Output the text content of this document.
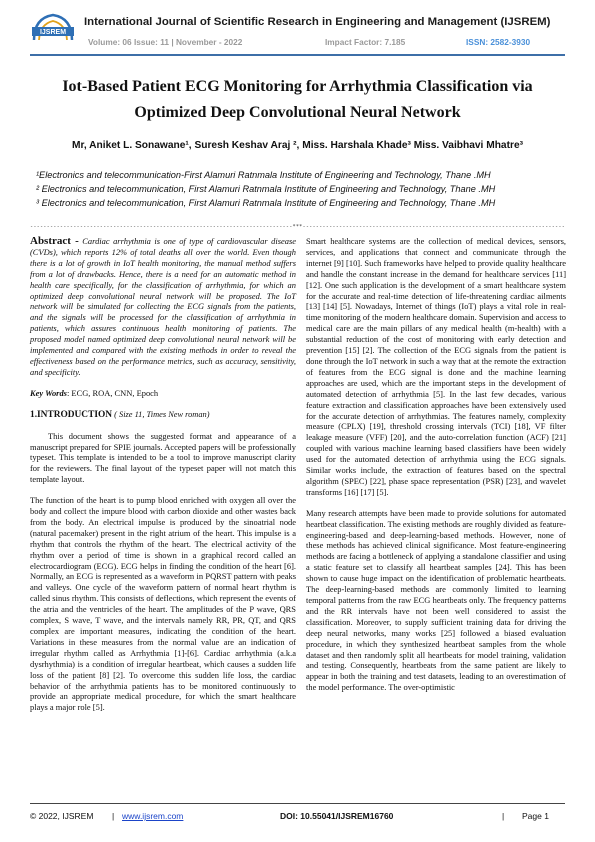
IJSREM
International Journal of Scientific Research in Engineering and Management (IJSREM)
Volume: 06 Issue: 11 | November - 2022	Impact Factor: 7.185	ISSN: 2582-3930
Iot-Based Patient ECG Monitoring for Arrhythmia Classification via
Optimized Deep Convolutional Neural Network
Mr, Aniket L. Sonawane¹, Suresh Keshav Araj ², Miss. Harshala Khade³ Miss. Vaibhavi Mhatre³
¹Electronics and telecommunication-First Alamuri Ratnmala Institute of Engineering and Technology, Thane .MH
² Electronics and telecommunication, First Alamuri Ratnmala Institute of Engineering and Technology, Thane .MH
³ Electronics and telecommunication, First Alamuri Ratnmala Institute of Engineering and Technology, Thane .MH
-------------------------------------------------------------------------------***-------------------------------------------------------------------------------

Abstract - Cardiac arrhythmia is one of type of cardiovascular disease (CVDs), which reports 12% of total deaths all over the world. Even though there is a lot of growth in IoT health monitoring, the manual method suffers from a lot of drawbacks. Hence, there is a need for an automatic method in health care specifically, for the classification of arrhythmia, for which an optimized deep convolutional neural network will be proposed. The IoT network will be simulated for collecting the ECG signals from the patients, and the signals will be processed for the classification of arrhythmia in patients, which assures continuous health monitoring of patients. The proposed model named optimized deep convolutional neural network will be implemented and compared with the existing methods in order to reveal the effectiveness based on the performance metrics, such as accuracy, sensitivity, and specificity.

Key Words: ECG, ROA, CNN, Epoch

1.INTRODUCTION ( Size 11, Times New roman)

This document shows the suggested format and appearance of a manuscript prepared for SPIE journals. Accepted papers will be professionally typeset. This template is intended to be a tool to improve manuscript clarity for the reviewers. The final layout of the typeset paper will not match this template layout.

The function of the heart is to pump blood enriched with oxygen all over the body and collect the impure blood with carbon dioxide and other wastes back from the body. An electrical impulse is produced by the sinoatrial node (natural pacemaker) present in the right atrium of the heart. This impulse is a rhythm that controls the rhythm of the heart. The electrical activity of the rhythm over a period of time is shown in a graphical record called an electrocardiogram (ECG). ECG helps in finding the condition of the heart [6]. Normally, an ECG is represented as a waveform in PQRST pattern with peaks and valleys. One cycle of the waveform pattern of normal heart rhythm is called sinus rhythm. This consists of deflections, which represent the events of the atria and the ventricles of the heart. The amplitudes of the P wave, QRS complex, S wave, T wave, and the intervals namely RR, PR, QT, and QRS complex are important measures, indicating the condition of the heart. Variations in these measures from the normal value are an indication of irregular rhythm called as Arrhythmia [1]-[6]. Cardiac arrhythmia (a.k.a dysrhythmia) is a condition of irregular heartbeat, which causes a sudden life loss of the patient [8] [2]. To overcome this sudden life loss, the cardiac behavior of the arrhythmia patients has to be monitored continuously to provide an appropriate medical procedure, for which the smart healthcare plays a major role [5].

Smart healthcare systems are the collection of medical devices, sensors, services, and applications that connect and communicate through the internet [9] [10]. Such frameworks have helped to provide quality healthcare and handle the constant increase in the demand for healthcare services [11] [12]. One such application is the development of a smart healthcare system for the accurate and real-time detection of life-threatening cardiac ailments [13] [14] [5]. Nowadays, Internet of things (IoT) plays a vital role in real-time monitoring of the modern healthcare domain. Supervision and access to medical care are the main pillars of any medical health (m-health) with a substantial reduction of the cost of monitoring with early detection and prevention [15] [2]. The collection of the ECG signals from the patient is done through the IoT network in such a way that at the remote the extraction of features from the ECG signal is done and the machine learning approaches are used, which are the important steps in the development of automated detection of arrhythmia [5]. In the last few decades, various feature extraction and classification approaches have been extensively used for the accurate detection of arrhythmias. The features namely, complexity measure (CPLX) [19], threshold crossing intervals (TCI) [18], VF filter leakage measure (VFF) [20], and the auto-correlation function (ACF) [21] coupled with various machine learning based classifiers have been widely used for the automated detection of arrhythmia using the ECG signals. Similar works include, the extraction of features based on the spectral algorithm (SPEC) [22], phase space representation (PSR) [23], and wavelet transforms [16] [17] [5].

Many research attempts have been made to provide solutions for automated heartbeat classification. The existing methods are roughly divided as feature-engineering-based and deep-learning-based methods. However, none of these methods has achieved clinical significance. Most feature-engineering methods are facing a bottleneck of applying a standalone classifier and using a static feature set to classify all heartbeat samples [24]. This has been shown to cause huge impact on the identification of problematic heartbeats. The deep-learning-based methods are commonly limited to learning temporal patterns from the raw ECG heartbeats only. The frequency patterns and the RR intervals have not been well considered to assist the classification. Moreover, to supply sufficient training data for driving the deep neural networks, many works [25] followed a biased evaluation procedure, in which they synthesized heartbeat samples from the whole dataset and then randomly split all heartbeats for model training, validation and testing. Consequently, heartbeats from the same patient are likely to appear in both the training and test datasets, leading to an overestimation of the model performance. The over-optimistic

© 2022, IJSREM | www.ijsrem.com	DOI: 10.55041/IJSREM16760	| Page 1
